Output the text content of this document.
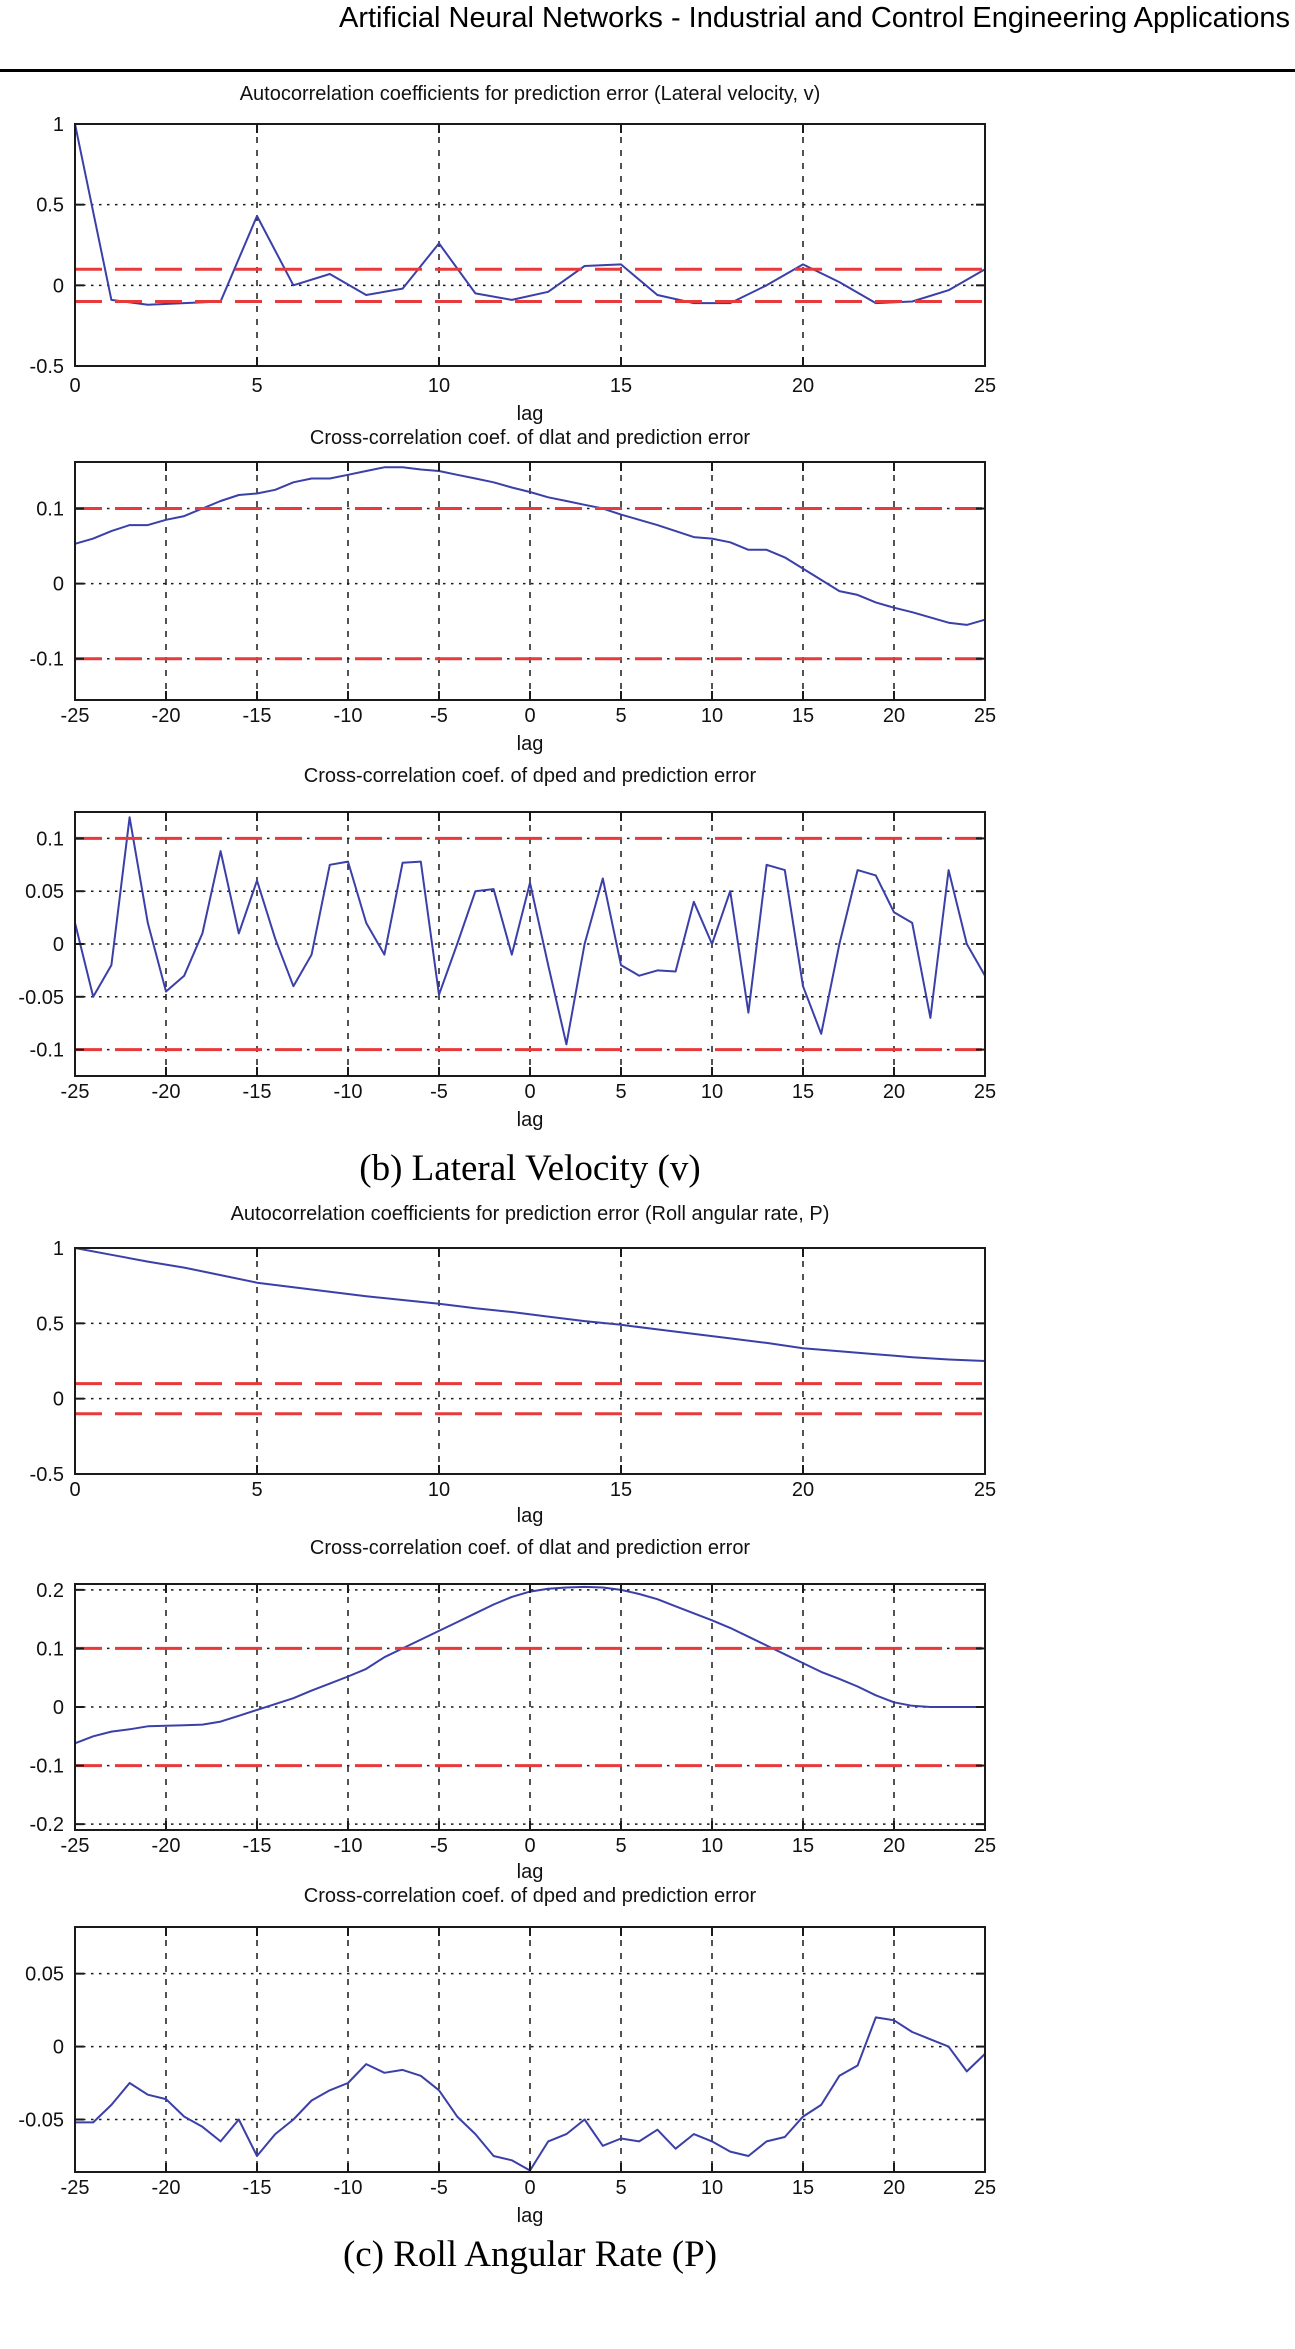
Artificial Neural Networks - Industrial and Control Engineering Applications
1
0.5
0
-0.5
0	5	10	15	20	25
Autocorrelation coefficients for prediction error (Lateral velocity, v)
lag
0.1
0
-0.1
-25	-20	-15	-10	-5	0	5	10	15	20	25
Cross-correlation coef. of dlat and prediction error
lag
0.1
0.05
0
-0.05
-0.1
-25	-20	-15	-10	-5	0	5	10	15	20	25
Cross-correlation coef. of dped and prediction error
lag
1
0.5
0
-0.5
0	5	10	15	20	25
Autocorrelation coefficients for prediction error (Roll angular rate, P)
lag
0.2
0.1
0
-0.1
-0.2
-25	-20	-15	-10	-5	0	5	10	15	20	25
Cross-correlation coef. of dlat and prediction error
lag
0.05
0
-0.05
-25	-20	-15	-10	-5	0	5	10	15	20	25
Cross-correlation coef. of dped and prediction error
lag
(b) Lateral Velocity (v)
(c) Roll Angular Rate (P)
